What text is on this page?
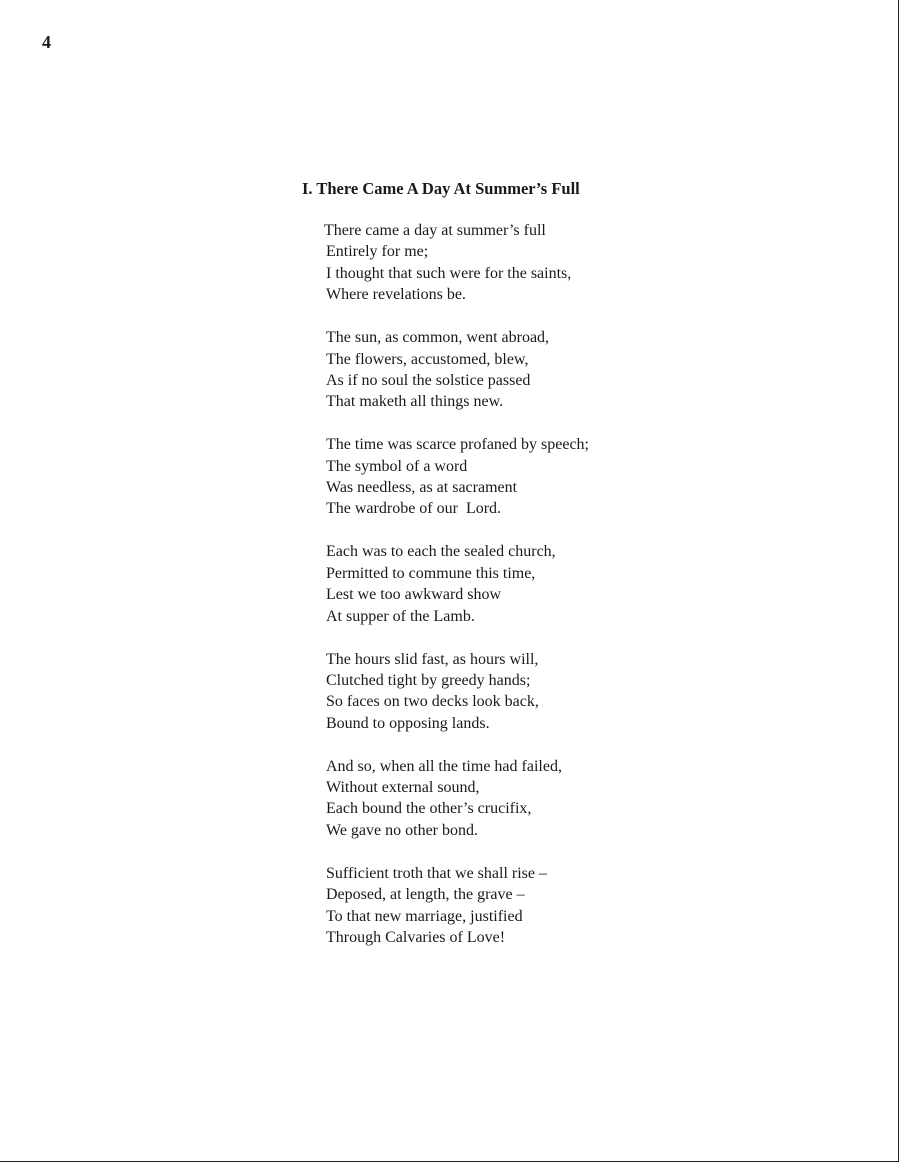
4
I. There Came A Day At Summer’s Full
There came a day at summer’s full
Entirely for me;
I thought that such were for the saints,
Where revelations be.
The sun, as common, went abroad,
The flowers, accustomed, blew,
As if no soul the solstice passed
That maketh all things new.
The time was scarce profaned by speech;
The symbol of a word
Was needless, as at sacrament
The wardrobe of our  Lord.
Each was to each the sealed church,
Permitted to commune this time,
Lest we too awkward show
At supper of the Lamb.
The hours slid fast, as hours will,
Clutched tight by greedy hands;
So faces on two decks look back,
Bound to opposing lands.
And so, when all the time had failed,
Without external sound,
Each bound the other’s crucifix,
We gave no other bond.
Sufficient troth that we shall rise –
Deposed, at length, the grave –
To that new marriage, justified
Through Calvaries of Love!
